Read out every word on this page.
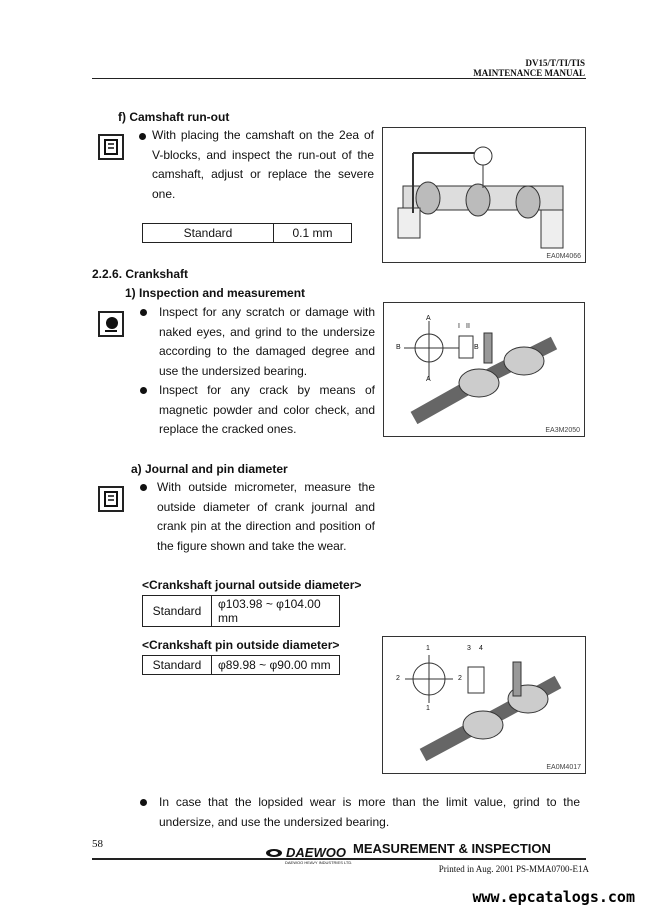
DV15/T/TI/TIS
MAINTENANCE MANUAL
f) Camshaft run-out
With placing the camshaft on the 2ea of V-blocks, and inspect the run-out of the camshaft, adjust or replace the severe one.
Standard	0.1 mm
EA0M4066
2.2.6. Crankshaft
1) Inspection and measurement
Inspect for any scratch or damage with naked eyes, and grind to the undersize according to the damaged degree and use the undersized bearing.
Inspect for any crack by means of magnetic powder and color check, and replace the cracked ones.
A
A
B	B
I II
EA3M2050
a) Journal and pin diameter
With outside micrometer, measure the outside diameter of crank journal and crank pin at the direction and position of the figure shown and take the wear.
<Crankshaft journal outside diameter>
Standard	φ103.98 ~ φ104.00 mm
<Crankshaft pin outside diameter>
Standard	φ89.98 ~ φ90.00 mm
1
1
2	2
3 4
EA0M4017
In case that the lopsided wear is more than the limit value, grind to the undersize, and use the undersized bearing.
58
DAEWOO
DAEWOO HEAVY INDUSTRIES LTD.
MEASUREMENT & INSPECTION
Printed in Aug. 2001 PS-MMA0700-E1A
www.epcatalogs.com
